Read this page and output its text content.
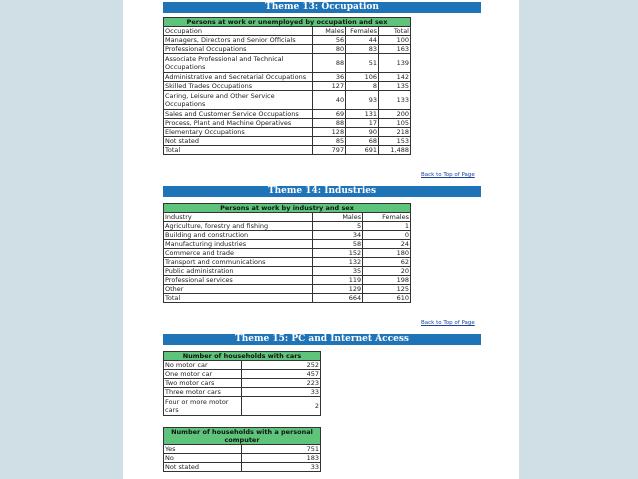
Theme 13: Occupation
Persons at work or unemployed by occupation and sex			
Occupation	Males	Females	Total
Managers, Directors and Senior Officials	56	44	100
Professional Occupations	80	83	163
Associate Professional and Technical Occupations	88	51	139
Administrative and Secretarial Occupations	36	106	142
Skilled Trades Occupations	127	8	135
Caring, Leisure and Other Service Occupations	40	93	133
Sales and Customer Service Occupations	69	131	200
Process, Plant and Machine Operatives	88	17	105
Elementary Occupations	128	90	218
Not stated	85	68	153
Total	797	691	1,488
Back to Top of Page
Theme 14: Industries
Persons at work by industry and sex		
Industry	Males	Females
Agriculture, forestry and fishing	5	1
Building and construction	34	0
Manufacturing industries	58	24
Commerce and trade	152	180
Transport and communications	132	62
Public administration	35	20
Professional services	119	198
Other	129	125
Total	664	610
Back to Top of Page
Theme 15: PC and Internet Access
Number of households with cars	
No motor car	252
One motor car	457
Two motor cars	223
Three motor cars	33
Four or more motor cars	2
Number of households with a personal computer	
Yes	751
No	183
Not stated	33
